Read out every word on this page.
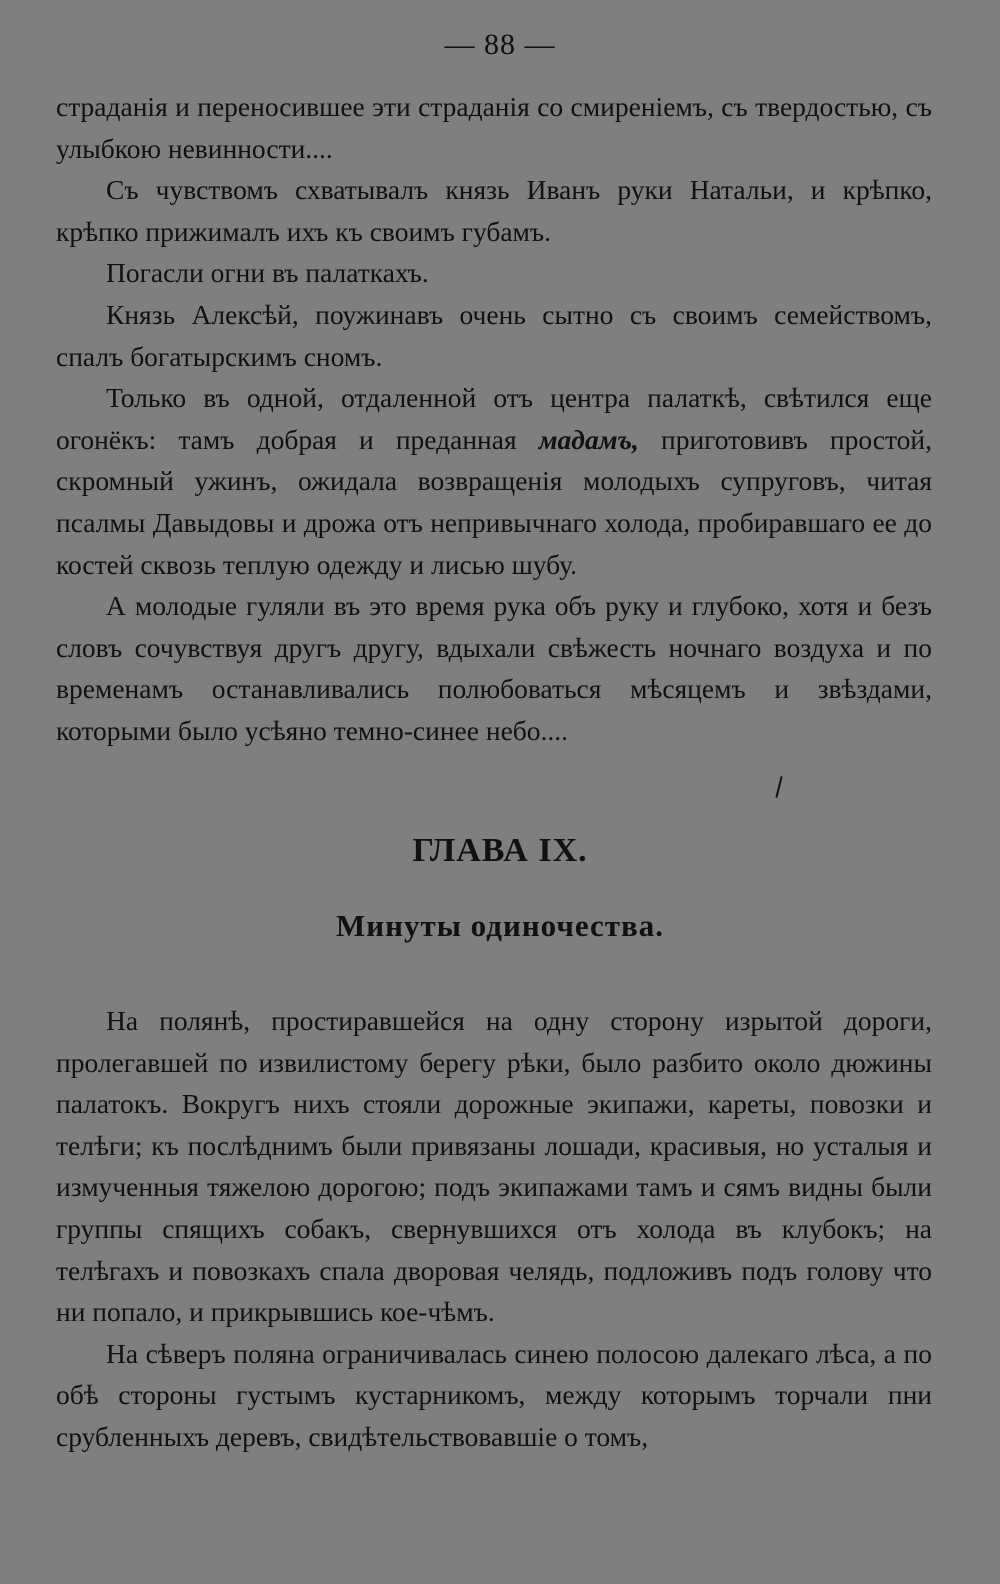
— 88 —

страданія и переносившее эти страданія со смиреніемъ, съ твердостью, съ улыбкою невинности....

Съ чувствомъ схватывалъ князь Иванъ руки Натальи, и крѣпко, крѣпко прижималъ ихъ къ своимъ губамъ.

Погасли огни въ палаткахъ.

Князь Алексѣй, поужинавъ очень сытно съ своимъ семействомъ, спалъ богатырскимъ сномъ.

Только въ одной, отдаленной отъ центра палаткѣ, свѣтился еще огонёкъ: тамъ добрая и преданная мадамъ, приготовивъ простой, скромный ужинъ, ожидала возвращенія молодыхъ супруговъ, читая псалмы Давыдовы и дрожа отъ непривычнаго холода, пробиравшаго ее до костей сквозь теплую одежду и лисью шубу.

А молодые гуляли въ это время рука объ руку и глубоко, хотя и безъ словъ сочувствуя другъ другу, вдыхали свѣжесть ночнаго воздуха и по временамъ останавливались полюбоваться мѣсяцемъ и звѣздами, которыми было усѣяно темно-синее небо....

ГЛАВА IX.
Минуты одиночества.

На полянѣ, простиравшейся на одну сторону изрытой дороги, пролегавшей по извилистому берегу рѣки, было разбито около дюжины палатокъ. Вокругъ нихъ стояли дорожные экипажи, кареты, повозки и телѣги; къ послѣднимъ были привязаны лошади, красивыя, но усталыя и измученныя тяжелою дорогою; подъ экипажами тамъ и сямъ видны были группы спящихъ собакъ, свернувшихся отъ холода въ клубокъ; на телѣгахъ и повозкахъ спала дворовая челядь, подложивъ подъ голову что ни попало, и прикрывшись кое-чѣмъ.

На сѣверъ поляна ограничивалась синею полосою далекаго лѣса, а по обѣ стороны густымъ кустарникомъ, между которымъ торчали пни срубленныхъ деревъ, свидѣтельствовавшіе о томъ,
